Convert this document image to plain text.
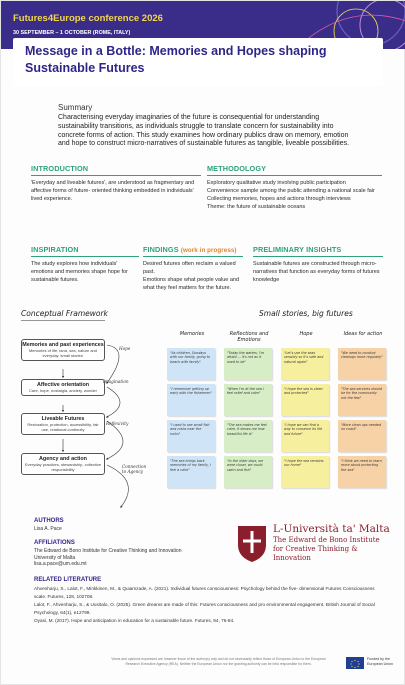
Futures4Europe conference 2026
30 SEPTEMBER – 1 OCTOBER (ROME, ITALY)
Message in a Bottle: Memories and Hopes shaping Sustainable Futures
Summary
Characterising everyday imaginaries of the future is consequential for understanding sustainability transitions, as individuals struggle to translate concern for sustainability into concrete forms of action. This study examines how ordinary publics draw on memory, emotion and hope to construct micro-narratives of sustainable futures as tangible, liveable possibilities.
INTRODUCTION
'Everyday and liveable futures', are understood as fragmentary and affective forms of future- oriented thinking embedded in individuals' lived experience.
METHODOLOGY
Exploratory qualitative study involving public participation
Convenience sample among the public attending a national scale fair Collecting memories, hopes and actions through interviews
Theme: the future of sustainable oceans
INSPIRATION
The study explores how individuals' emotions and memories shape hope for sustainable futures.
FINDINGS (work in progress)
Desired futures often reclaim a valued past.
Emotions shape what people value and what they feel matters for the future.
PRELIMINARY INSIGHTS
Sustainable futures are constructed through micro- narratives that function as everyday forms of futures knowledge
Conceptual Framework
Memories and past experiences
Memories of life, land, sea, nature and everyday 'small stories'
Affective orientation
Care, hope, nostalgia, anxiety, wonder
Liveable Futures
Restoration, protection, accessibility, fair use, relational continuity
Agency and action
Everyday practices, stewardship, collective responsibility
Hope
Imagination
Reflexivity
Connection to Agency
Small stories, big futures
Memories	Reflections and Emotions
Hope	Ideas for action
"As children, Sundays with our family, going to beach with family"
"I remember getting up early with the fishermen"
"I used to see small fish and crabs near the rocks"
"The sea brings back memories of my family, I feel a calm"
"Today the waters, I'm afraid ... it's not as it used to be"
"When I'm at the sea I feel relief and calm"
"The sea makes me feel calm. It shows me how beautiful life is"
"In the older days, we were closer, we could swim and fish"
"Let's use the seas sensibly so it's safe and natural again"
"I hope the sea is clean and protected"
"I hope we can find a way to conserve its life and future"
"I hope the sea remains our home"
"We need to conduct cleanups more regularly"
"The sea services should be for the community not the few"
"More clean ups needed on coast"
"I think we need to learn more about protecting the sea"
AUTHORS
Lisa A. Pace
AFFILIATIONS
The Edward de Bono Institute for Creative Thinking and Innovation
University of Malta
lisa.a.pace@um.edu.mt
L-Università ta' Malta
The Edward de Bono Institute for Creative Thinking & Innovation
RELATED LITERATURE
Ahvenharju, S., Lalot, F., Minkkinen, M., & Quiamzade, A. (2021). Individual futures consciousness: Psychology behind the five- dimensional Futures Consciousness scale. Futures, 128, 102708.
Lalot, F., Ahvenharju, S., & Uusitalo, O. (2025). Green dreams are made of this: Futures consciousness and pro environmental engagement. British Journal of Social Psychology, 64(1), e12799.
Oyasi, M. (2017). Hope and anticipation in education for a sustainable future. Futures, 94, 76-84.
Views and opinions expressed are however those of the author(s) only and do not necessarily reflect those of European Union or the European Research Executive Agency (REA). Neither the European Union nor the granting authority can be held responsible for them.
Funded by the European Union
